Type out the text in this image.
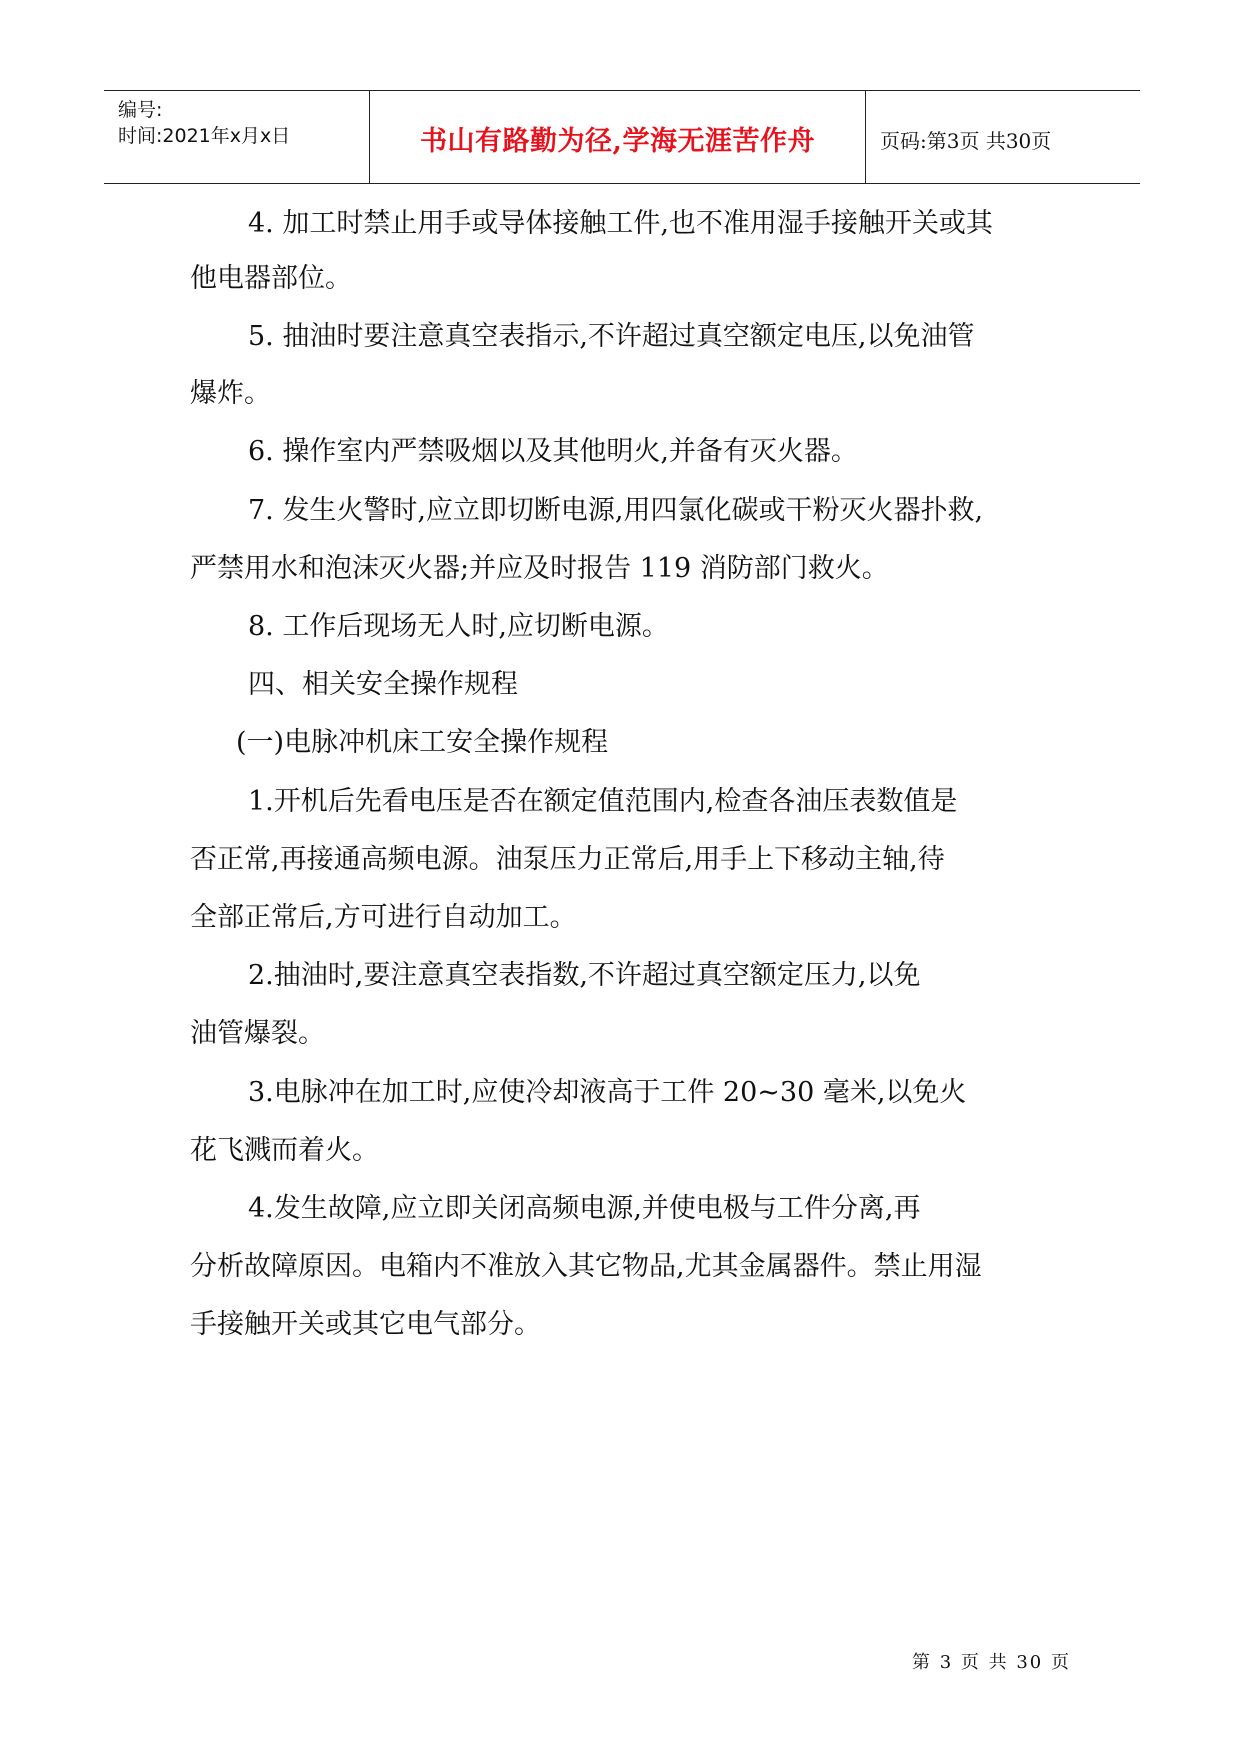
编号:
时间:2021年x月x日	书山有路勤为径,学海无涯苦作舟	页码:第3页 共30页
4. 加工时禁止用手或导体接触工件,也不准用湿手接触开关或其
他电器部位。
5. 抽油时要注意真空表指示,不许超过真空额定电压,以免油管
爆炸。
6. 操作室内严禁吸烟以及其他明火,并备有灭火器。
7. 发生火警时,应立即切断电源,用四氯化碳或干粉灭火器扑救,
严禁用水和泡沫灭火器;并应及时报告 119 消防部门救火。
8. 工作后现场无人时,应切断电源。
四、相关安全操作规程
(一)电脉冲机床工安全操作规程
1.开机后先看电压是否在额定值范围内,检查各油压表数值是
否正常,再接通高频电源。油泵压力正常后,用手上下移动主轴,待
全部正常后,方可进行自动加工。
2.抽油时,要注意真空表指数,不许超过真空额定压力,以免
油管爆裂。
3.电脉冲在加工时,应使冷却液高于工件 20~30 毫米,以免火
花飞溅而着火。
4.发生故障,应立即关闭高频电源,并使电极与工件分离,再
分析故障原因。电箱内不准放入其它物品,尤其金属器件。禁止用湿
手接触开关或其它电气部分。
第 3 页 共 30 页
